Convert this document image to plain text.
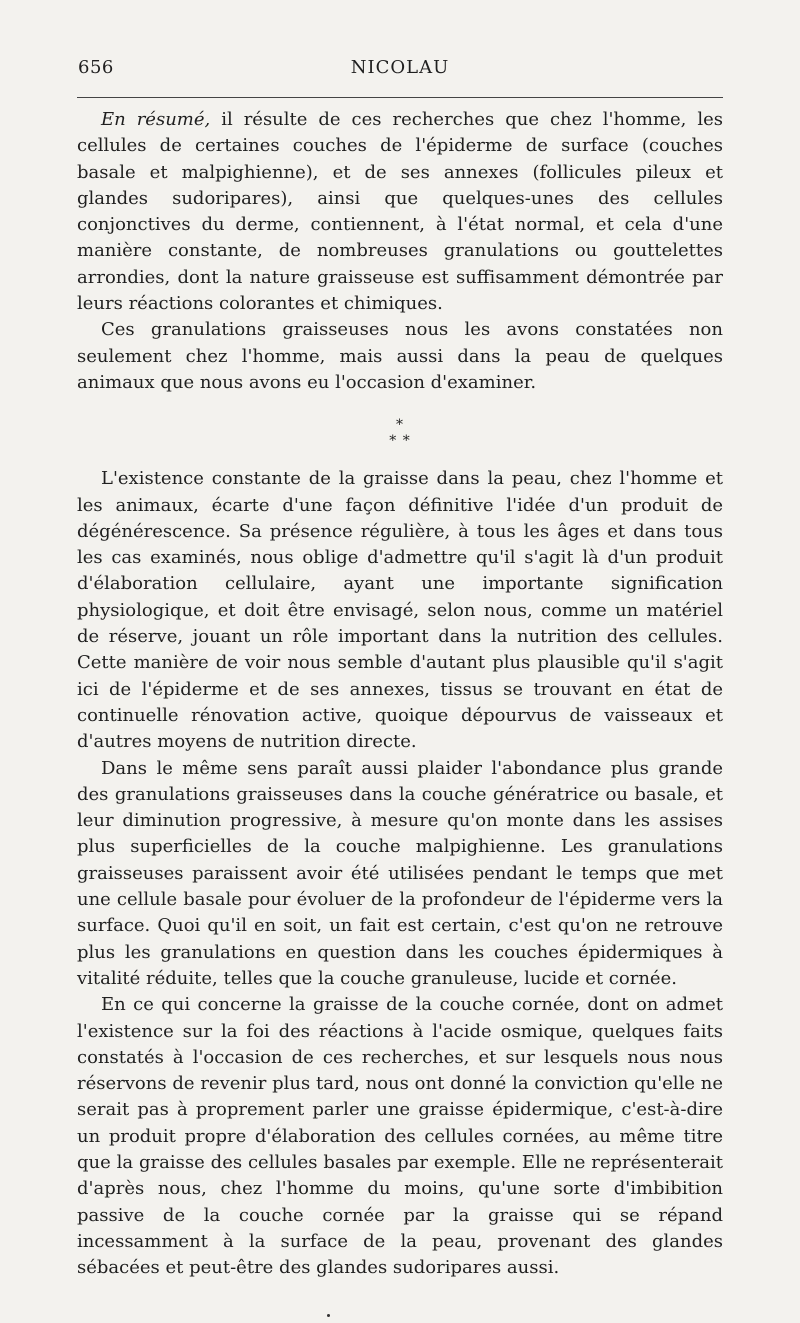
656	NICOLAU

En résumé, il résulte de ces recherches que chez l'homme, les cellules de certaines couches de l'épiderme de surface (couches basale et malpighienne), et de ses annexes (follicules pileux et glandes sudoripares), ainsi que quelques-unes des cellules conjonctives du derme, contiennent, à l'état normal, et cela d'une manière constante, de nombreuses granulations ou gouttelettes arrondies, dont la nature graisseuse est suffisamment démontrée par leurs réactions colorantes et chimiques.

Ces granulations graisseuses nous les avons constatées non seulement chez l'homme, mais aussi dans la peau de quelques animaux que nous avons eu l'occasion d'examiner.

*
* *

L'existence constante de la graisse dans la peau, chez l'homme et les animaux, écarte d'une façon définitive l'idée d'un produit de dégénérescence. Sa présence régulière, à tous les âges et dans tous les cas examinés, nous oblige d'admettre qu'il s'agit là d'un produit d'élaboration cellulaire, ayant une importante signification physiologique, et doit être envisagé, selon nous, comme un matériel de réserve, jouant un rôle important dans la nutrition des cellules. Cette manière de voir nous semble d'autant plus plausible qu'il s'agit ici de l'épiderme et de ses annexes, tissus se trouvant en état de continuelle rénovation active, quoique dépourvus de vaisseaux et d'autres moyens de nutrition directe.

Dans le même sens paraît aussi plaider l'abondance plus grande des granulations graisseuses dans la couche génératrice ou basale, et leur diminution progressive, à mesure qu'on monte dans les assises plus superficielles de la couche malpighienne. Les granulations graisseuses paraissent avoir été utilisées pendant le temps que met une cellule basale pour évoluer de la profondeur de l'épiderme vers la surface. Quoi qu'il en soit, un fait est certain, c'est qu'on ne retrouve plus les granulations en question dans les couches épidermiques à vitalité réduite, telles que la couche granuleuse, lucide et cornée.

En ce qui concerne la graisse de la couche cornée, dont on admet l'existence sur la foi des réactions à l'acide osmique, quelques faits constatés à l'occasion de ces recherches, et sur lesquels nous nous réservons de revenir plus tard, nous ont donné la conviction qu'elle ne serait pas à proprement parler une graisse épidermique, c'est-à-dire un produit propre d'élaboration des cellules cornées, au même titre que la graisse des cellules basales par exemple. Elle ne représenterait d'après nous, chez l'homme du moins, qu'une sorte d'imbibition passive de la couche cornée par la graisse qui se répand incessamment à la surface de la peau, provenant des glandes sébacées et peut-être des glandes sudoripares aussi.
